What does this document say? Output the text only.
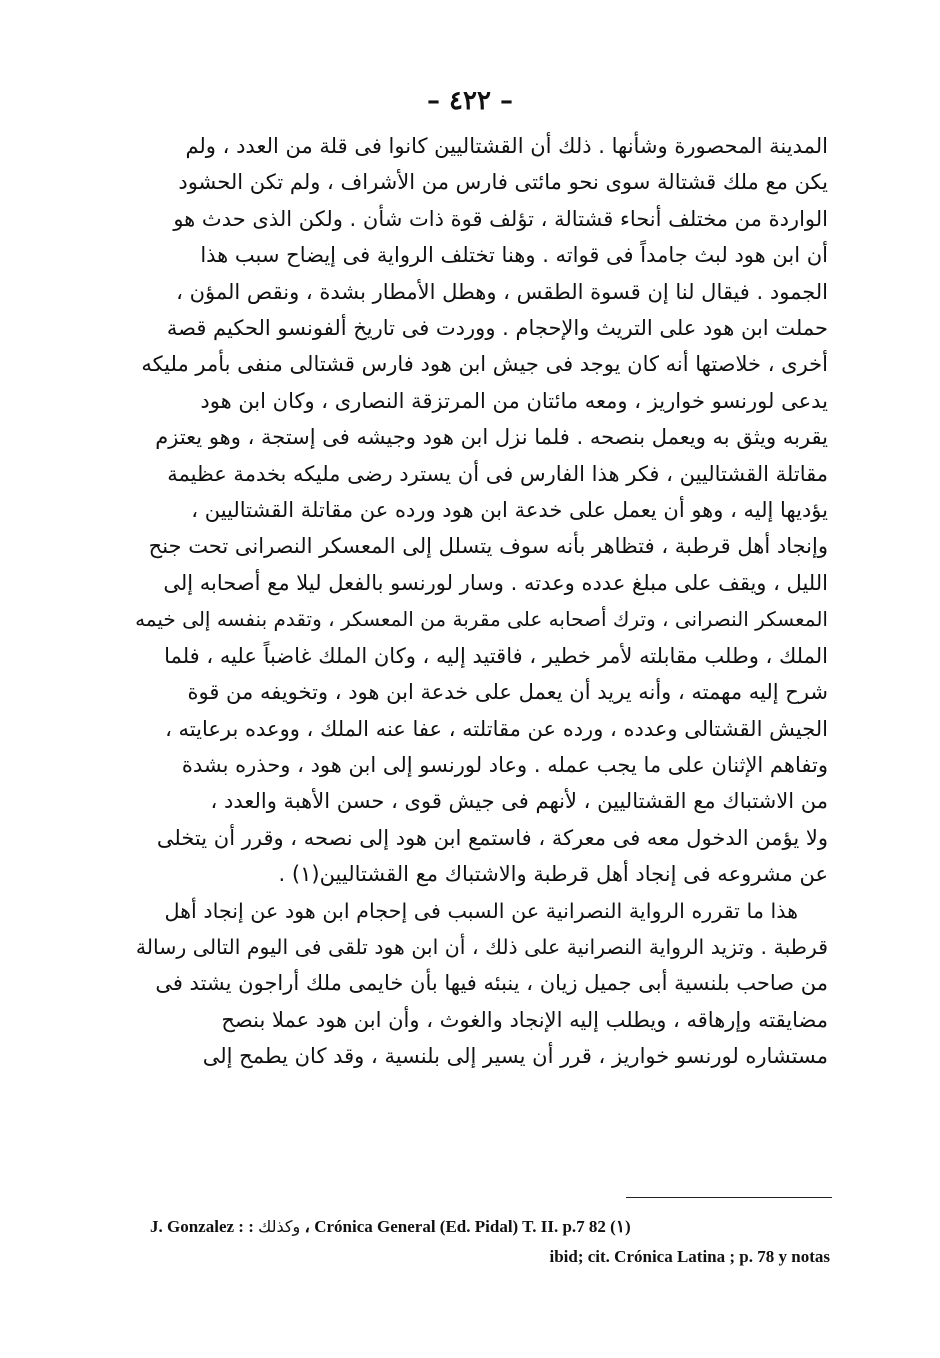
– ٤٢٢ –

المدينة المحصورة وشأنها . ذلك أن القشتاليين كانوا فى قلة من العدد ، ولم
يكن مع ملك قشتالة سوى نحو مائتى فارس من الأشراف ، ولم تكن الحشود
الواردة من مختلف أنحاء قشتالة ، تؤلف قوة ذات شأن . ولكن الذى حدث هو
أن ابن هود لبث جامداً فى قواته . وهنا تختلف الرواية فى إيضاح سبب هذا
الجمود . فيقال لنا إن قسوة الطقس ، وهطل الأمطار بشدة ، ونقص المؤن ،
حملت ابن هود على التريث والإحجام . ووردت فى تاريخ ألفونسو الحكيم قصة
أخرى ، خلاصتها أنه كان يوجد فى جيش ابن هود فارس قشتالى منفى بأمر مليكه
يدعى لورنسو خواريز ، ومعه مائتان من المرتزقة النصارى ، وكان ابن هود
يقربه ويثق به ويعمل بنصحه . فلما نزل ابن هود وجيشه فى إستجة ، وهو يعتزم
مقاتلة القشتاليين ، فكر هذا الفارس فى أن يسترد رضى مليكه بخدمة عظيمة
يؤديها إليه ، وهو أن يعمل على خدعة ابن هود ورده عن مقاتلة القشتاليين ،
وإنجاد أهل قرطبة ، فتظاهر بأنه سوف يتسلل إلى المعسكر النصرانى تحت جنح
الليل ، ويقف على مبلغ عدده وعدته . وسار لورنسو بالفعل ليلا مع أصحابه إلى
المعسكر النصرانى ، وترك أصحابه على مقربة من المعسكر ، وتقدم بنفسه إلى خيمه
الملك ، وطلب مقابلته لأمر خطير ، فاقتيد إليه ، وكان الملك غاضباً عليه ، فلما
شرح إليه مهمته ، وأنه يريد أن يعمل على خدعة ابن هود ، وتخويفه من قوة
الجيش القشتالى وعدده ، ورده عن مقاتلته ، عفا عنه الملك ، ووعده برعايته ،
وتفاهم الإثنان على ما يجب عمله . وعاد لورنسو إلى ابن هود ، وحذره بشدة
من الاشتباك مع القشتاليين ، لأنهم فى جيش قوى ، حسن الأهبة والعدد ،
ولا يؤمن الدخول معه فى معركة ، فاستمع ابن هود إلى نصحه ، وقرر أن يتخلى
عن مشروعه فى إنجاد أهل قرطبة والاشتباك مع القشتاليين(١) .

هذا ما تقرره الرواية النصرانية عن السبب فى إحجام ابن هود عن إنجاد أهل
قرطبة . وتزيد الرواية النصرانية على ذلك ، أن ابن هود تلقى فى اليوم التالى رسالة
من صاحب بلنسية أبى جميل زيان ، ينبئه فيها بأن خايمى ملك أراجون يشتد فى
مضايقته وإرهاقه ، ويطلب إليه الإنجاد والغوث ، وأن ابن هود عملا بنصح
مستشاره لورنسو خواريز ، قرر أن يسير إلى بلنسية ، وقد كان يطمح إلى

J. Gonzalez : : وكذلك (١) Crónica General (Ed. Pidal) T. II. p.7 82 ،
ibid; cit. Crónica Latina ; p. 78 y notas
